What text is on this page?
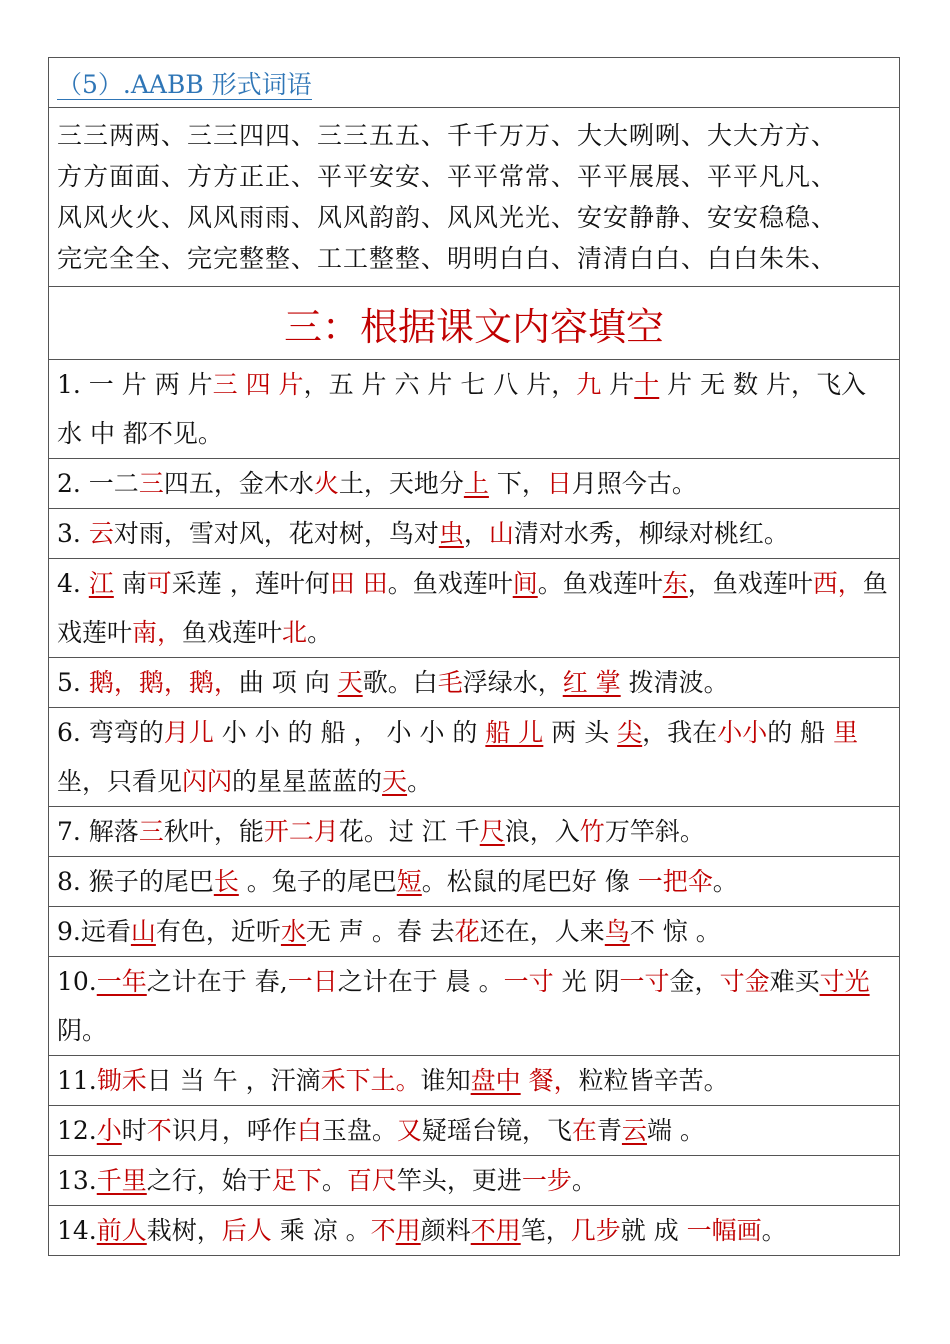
（5）.AABB 形式词语

三三两两、三三四四、三三五五、千千万万、大大咧咧、大大方方、
方方面面、方方正正、平平安安、平平常常、平平展展、平平凡凡、
风风火火、风风雨雨、风风韵韵、风风光光、安安静静、安安稳稳、
完完全全、完完整整、工工整整、明明白白、清清白白、白白朱朱、

三：根据课文内容填空
1. 一 片 两 片三 四 片，五 片 六 片 七 八 片，九 片十 片 无 数 片，飞入水 中 都不见。
2. 一二三四五，金木水火土，天地分上 下，日月照今古。
3. 云对雨，雪对风，花对树，鸟对虫，山清对水秀，柳绿对桃红。
4. 江 南可采莲 ，莲叶何田 田。鱼戏莲叶间。鱼戏莲叶东，鱼戏莲叶西，鱼戏莲叶南，鱼戏莲叶北。
5. 鹅，鹅，鹅，曲 项 向 天歌。白毛浮绿水，红 掌 拨清波。
6. 弯弯的月儿 小 小 的 船 ， 小 小 的 船 儿 两 头 尖，我在小小的 船 里坐，只看见闪闪的星星蓝蓝的天。
7. 解落三秋叶，能开二月花。过 江 千尺浪，入竹万竿斜。
8. 猴子的尾巴长 。兔子的尾巴短。松鼠的尾巴好 像 一把伞。
9.远看山有色，近听水无 声 。春 去花还在，人来鸟不 惊 。
10.一年之计在于 春,一日之计在于 晨 。一寸 光 阴一寸金，寸金难买寸光 阴。
11.锄禾日 当 午 ，汗滴禾下土。谁知盘中 餐，粒粒皆辛苦。
12.小时不识月，呼作白玉盘。又疑瑶台镜，飞在青云端 。
13.千里之行，始于足下。百尺竿头，更进一步。
14.前人栽树，后人 乘 凉 。不用颜料不用笔，几步就 成 一幅画。
